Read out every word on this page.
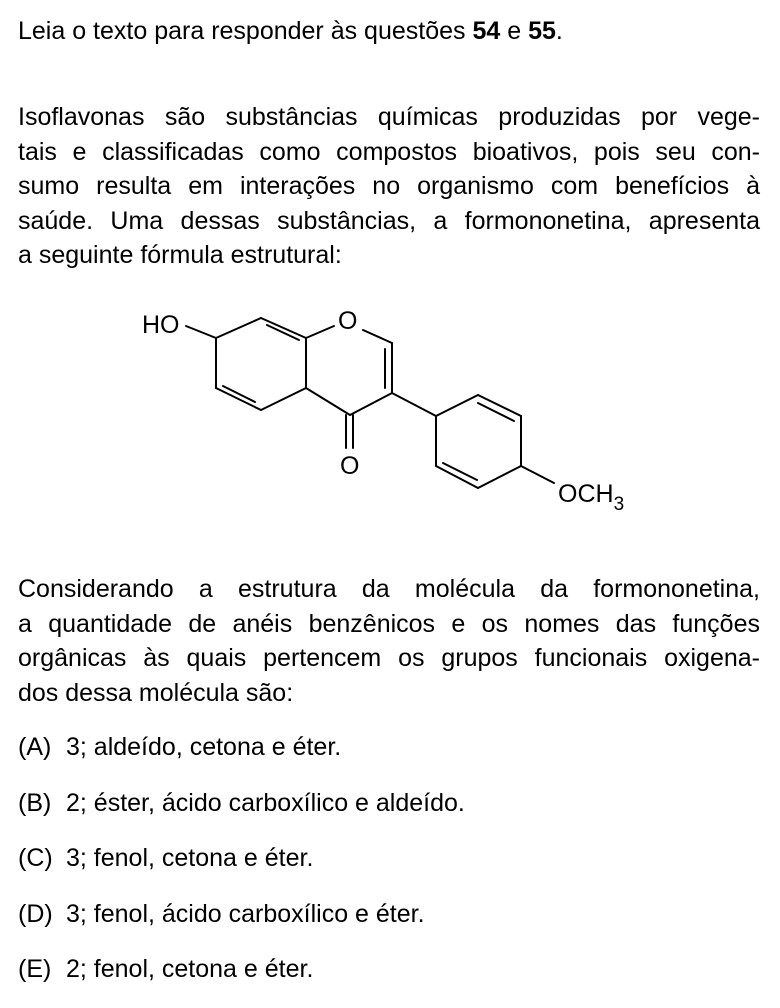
Leia o texto para responder às questões 54 e 55.
Isoflavonas são substâncias químicas produzidas por vege-
tais e classificadas como compostos bioativos, pois seu con-
sumo resulta em interações no organismo com benefícios à
saúde. Uma dessas substâncias, a formononetina, apresenta
a seguinte fórmula estrutural:
HO	O
O
$OCH_3$
Considerando a estrutura da molécula da formononetina,
a quantidade de anéis benzênicos e os nomes das funções
orgânicas às quais pertencem os grupos funcionais oxigena-
dos dessa molécula são:
(A) 3; aldeído, cetona e éter.
(B) 2; éster, ácido carboxílico e aldeído.
(C) 3; fenol, cetona e éter.
(D) 3; fenol, ácido carboxílico e éter.
(E) 2; fenol, cetona e éter.
